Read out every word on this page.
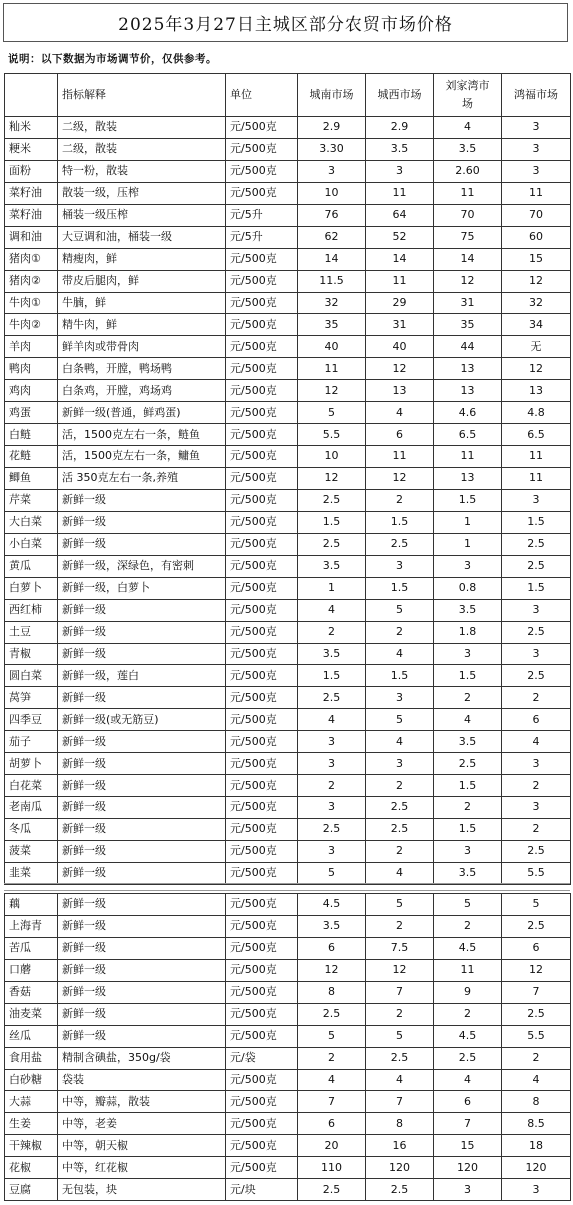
2025年3月27日主城区部分农贸市场价格
说明：以下数据为市场调节价，仅供参考。
	指标解释	单位	城南市场	城西市场	刘家湾市场	鸿福市场
籼米	二级，散装	元/500克	2.9	2.9	4	3
粳米	二级，散装	元/500克	3.30	3.5	3.5	3
面粉	特一粉，散装	元/500克	3	3	2.60	3
菜籽油	散装一级，压榨	元/500克	10	11	11	11
菜籽油	桶装一级压榨	元/5升	76	64	70	70
调和油	大豆调和油，桶装一级	元/5升	62	52	75	60
猪肉①	精瘦肉，鲜	元/500克	14	14	14	15
猪肉②	带皮后腿肉，鲜	元/500克	11.5	11	12	12
牛肉①	牛腩，鲜	元/500克	32	29	31	32
牛肉②	精牛肉，鲜	元/500克	35	31	35	34
羊肉	鲜羊肉或带骨肉	元/500克	40	40	44	无
鸭肉	白条鸭，开膛，鸭场鸭	元/500克	11	12	13	12
鸡肉	白条鸡，开膛，鸡场鸡	元/500克	12	13	13	13
鸡蛋	新鲜一级(普通，鲜鸡蛋)	元/500克	5	4	4.6	4.8
白鲢	活，1500克左右一条，鲢鱼	元/500克	5.5	6	6.5	6.5
花鲢	活，1500克左右一条，鳙鱼	元/500克	10	11	11	11
鲫鱼	活 350克左右一条,养殖	元/500克	12	12	13	11
芹菜	新鲜一级	元/500克	2.5	2	1.5	3
大白菜	新鲜一级	元/500克	1.5	1.5	1	1.5
小白菜	新鲜一级	元/500克	2.5	2.5	1	2.5
黄瓜	新鲜一级，深绿色，有密刺	元/500克	3.5	3	3	2.5
白萝卜	新鲜一级，白萝卜	元/500克	1	1.5	0.8	1.5
西红柿	新鲜一级	元/500克	4	5	3.5	3
土豆	新鲜一级	元/500克	2	2	1.8	2.5
青椒	新鲜一级	元/500克	3.5	4	3	3
圆白菜	新鲜一级，莲白	元/500克	1.5	1.5	1.5	2.5
莴笋	新鲜一级	元/500克	2.5	3	2	2
四季豆	新鲜一级(或无筋豆)	元/500克	4	5	4	6
茄子	新鲜一级	元/500克	3	4	3.5	4
胡萝卜	新鲜一级	元/500克	3	3	2.5	3
白花菜	新鲜一级	元/500克	2	2	1.5	2
老南瓜	新鲜一级	元/500克	3	2.5	2	3
冬瓜	新鲜一级	元/500克	2.5	2.5	1.5	2
菠菜	新鲜一级	元/500克	3	2	3	2.5
韭菜	新鲜一级	元/500克	5	4	3.5	5.5
藕	新鲜一级	元/500克	4.5	5	5	5
上海青	新鲜一级	元/500克	3.5	2	2	2.5
苦瓜	新鲜一级	元/500克	6	7.5	4.5	6
口蘑	新鲜一级	元/500克	12	12	11	12
香菇	新鲜一级	元/500克	8	7	9	7
油麦菜	新鲜一级	元/500克	2.5	2	2	2.5
丝瓜	新鲜一级	元/500克	5	5	4.5	5.5
食用盐	精制含碘盐，350g/袋	元/袋	2	2.5	2.5	2
白砂糖	袋装	元/500克	4	4	4	4
大蒜	中等，瓣蒜，散装	元/500克	7	7	6	8
生姜	中等，老姜	元/500克	6	8	7	8.5
干辣椒	中等，朝天椒	元/500克	20	16	15	18
花椒	中等，红花椒	元/500克	110	120	120	120
豆腐	无包装，块	元/块	2.5	2.5	3	3
